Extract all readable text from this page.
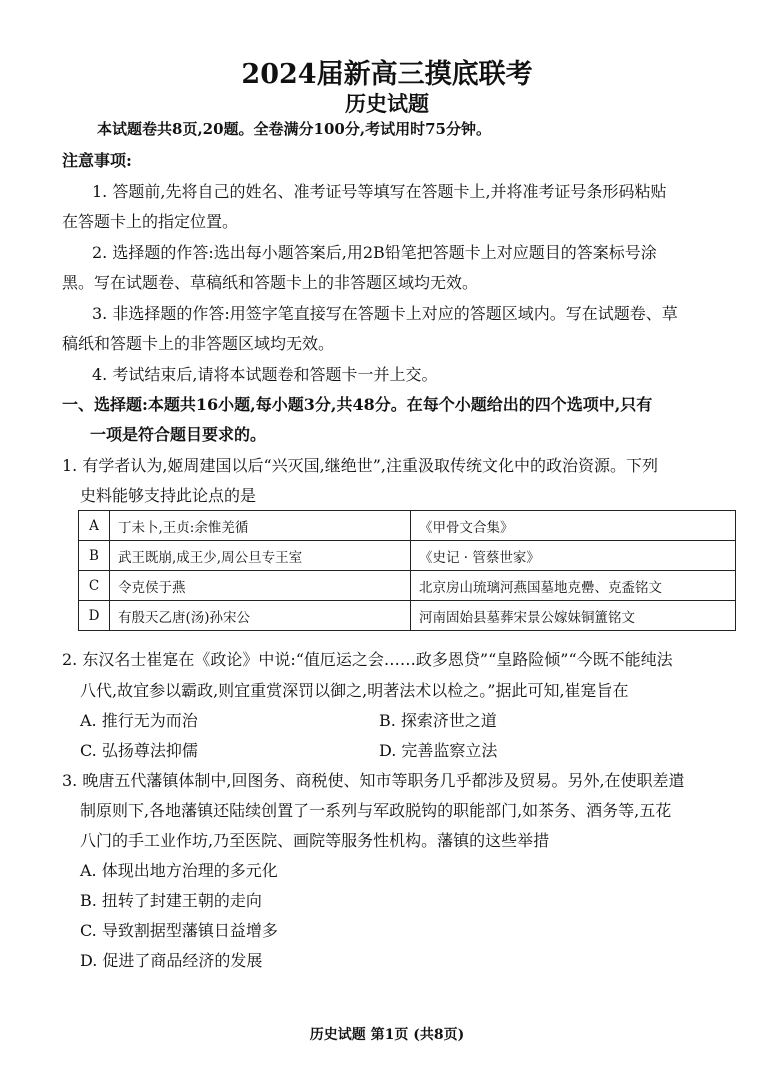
2024届新高三摸底联考
历史试题
本试题卷共8页,20题。全卷满分100分,考试用时75分钟。
注意事项:
1. 答题前,先将自己的姓名、准考证号等填写在答题卡上,并将准考证号条形码粘贴
在答题卡上的指定位置。
2. 选择题的作答:选出每小题答案后,用2B铅笔把答题卡上对应题目的答案标号涂
黑。写在试题卷、草稿纸和答题卡上的非答题区域均无效。
3. 非选择题的作答:用签字笔直接写在答题卡上对应的答题区域内。写在试题卷、草
稿纸和答题卡上的非答题区域均无效。
4. 考试结束后,请将本试题卷和答题卡一并上交。
一、选择题:本题共16小题,每小题3分,共48分。在每个小题给出的四个选项中,只有
一项是符合题目要求的。
1. 有学者认为,姬周建国以后“兴灭国,继绝世”,注重汲取传统文化中的政治资源。下列
史料能够支持此论点的是
A	丁未卜,王贞:余惟羌循	《甲骨文合集》
B	武王既崩,成王少,周公旦专王室	《史记 · 管蔡世家》
C	令克侯于燕	北京房山琉璃河燕国墓地克罍、克盉铭文
D	有殷天乙唐(汤)孙宋公	河南固始县墓葬宋景公嫁妹铜簠铭文
2. 东汉名士崔寔在《政论》中说:“值厄运之会……政多恩贷”“皇路险倾”“今既不能纯法
八代,故宜参以霸政,则宜重赏深罚以御之,明著法术以检之。”据此可知,崔寔旨在
A. 推行无为而治	B. 探索济世之道
C. 弘扬尊法抑儒	D. 完善监察立法
3. 晚唐五代藩镇体制中,回图务、商税使、知市等职务几乎都涉及贸易。另外,在使职差遣
制原则下,各地藩镇还陆续创置了一系列与军政脱钩的职能部门,如茶务、酒务等,五花
八门的手工业作坊,乃至医院、画院等服务性机构。藩镇的这些举措
A. 体现出地方治理的多元化
B. 扭转了封建王朝的走向
C. 导致割据型藩镇日益增多
D. 促进了商品经济的发展
历史试题 第1页 (共8页)
